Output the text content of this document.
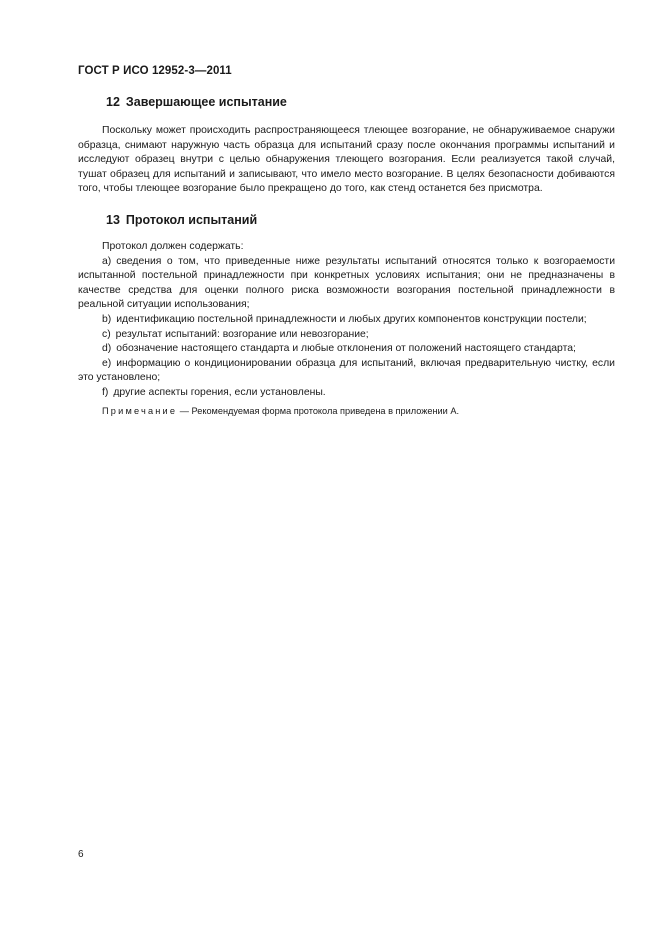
ГОСТ Р ИСО 12952-3—2011
12 Завершающее испытание

Поскольку может происходить распространяющееся тлеющее возгорание, не обнаруживаемое снаружи образца, снимают наружную часть образца для испытаний сразу после окончания программы испытаний и исследуют образец внутри с целью обнаружения тлеющего возгорания. Если реализуется такой случай, тушат образец для испытаний и записывают, что имело место возгорание. В целях безопасности добиваются того, чтобы тлеющее возгорание было прекращено до того, как стенд останется без присмотра.

13 Протокол испытаний

Протокол должен содержать:

a) сведения о том, что приведенные ниже результаты испытаний относятся только к возгораемости испытанной постельной принадлежности при конкретных условиях испытания; они не предназначены в качестве средства для оценки полного риска возможности возгорания постельной принадлежности в реальной ситуации использования;
b) идентификацию постельной принадлежности и любых других компонентов конструкции постели;
c) результат испытаний: возгорание или невозгорание;
d) обозначение настоящего стандарта и любые отклонения от положений настоящего стандарта;
e) информацию о кондиционировании образца для испытаний, включая предварительную чистку, если это установлено;
f) другие аспекты горения, если установлены.

Примечание — Рекомендуемая форма протокола приведена в приложении А.

6
